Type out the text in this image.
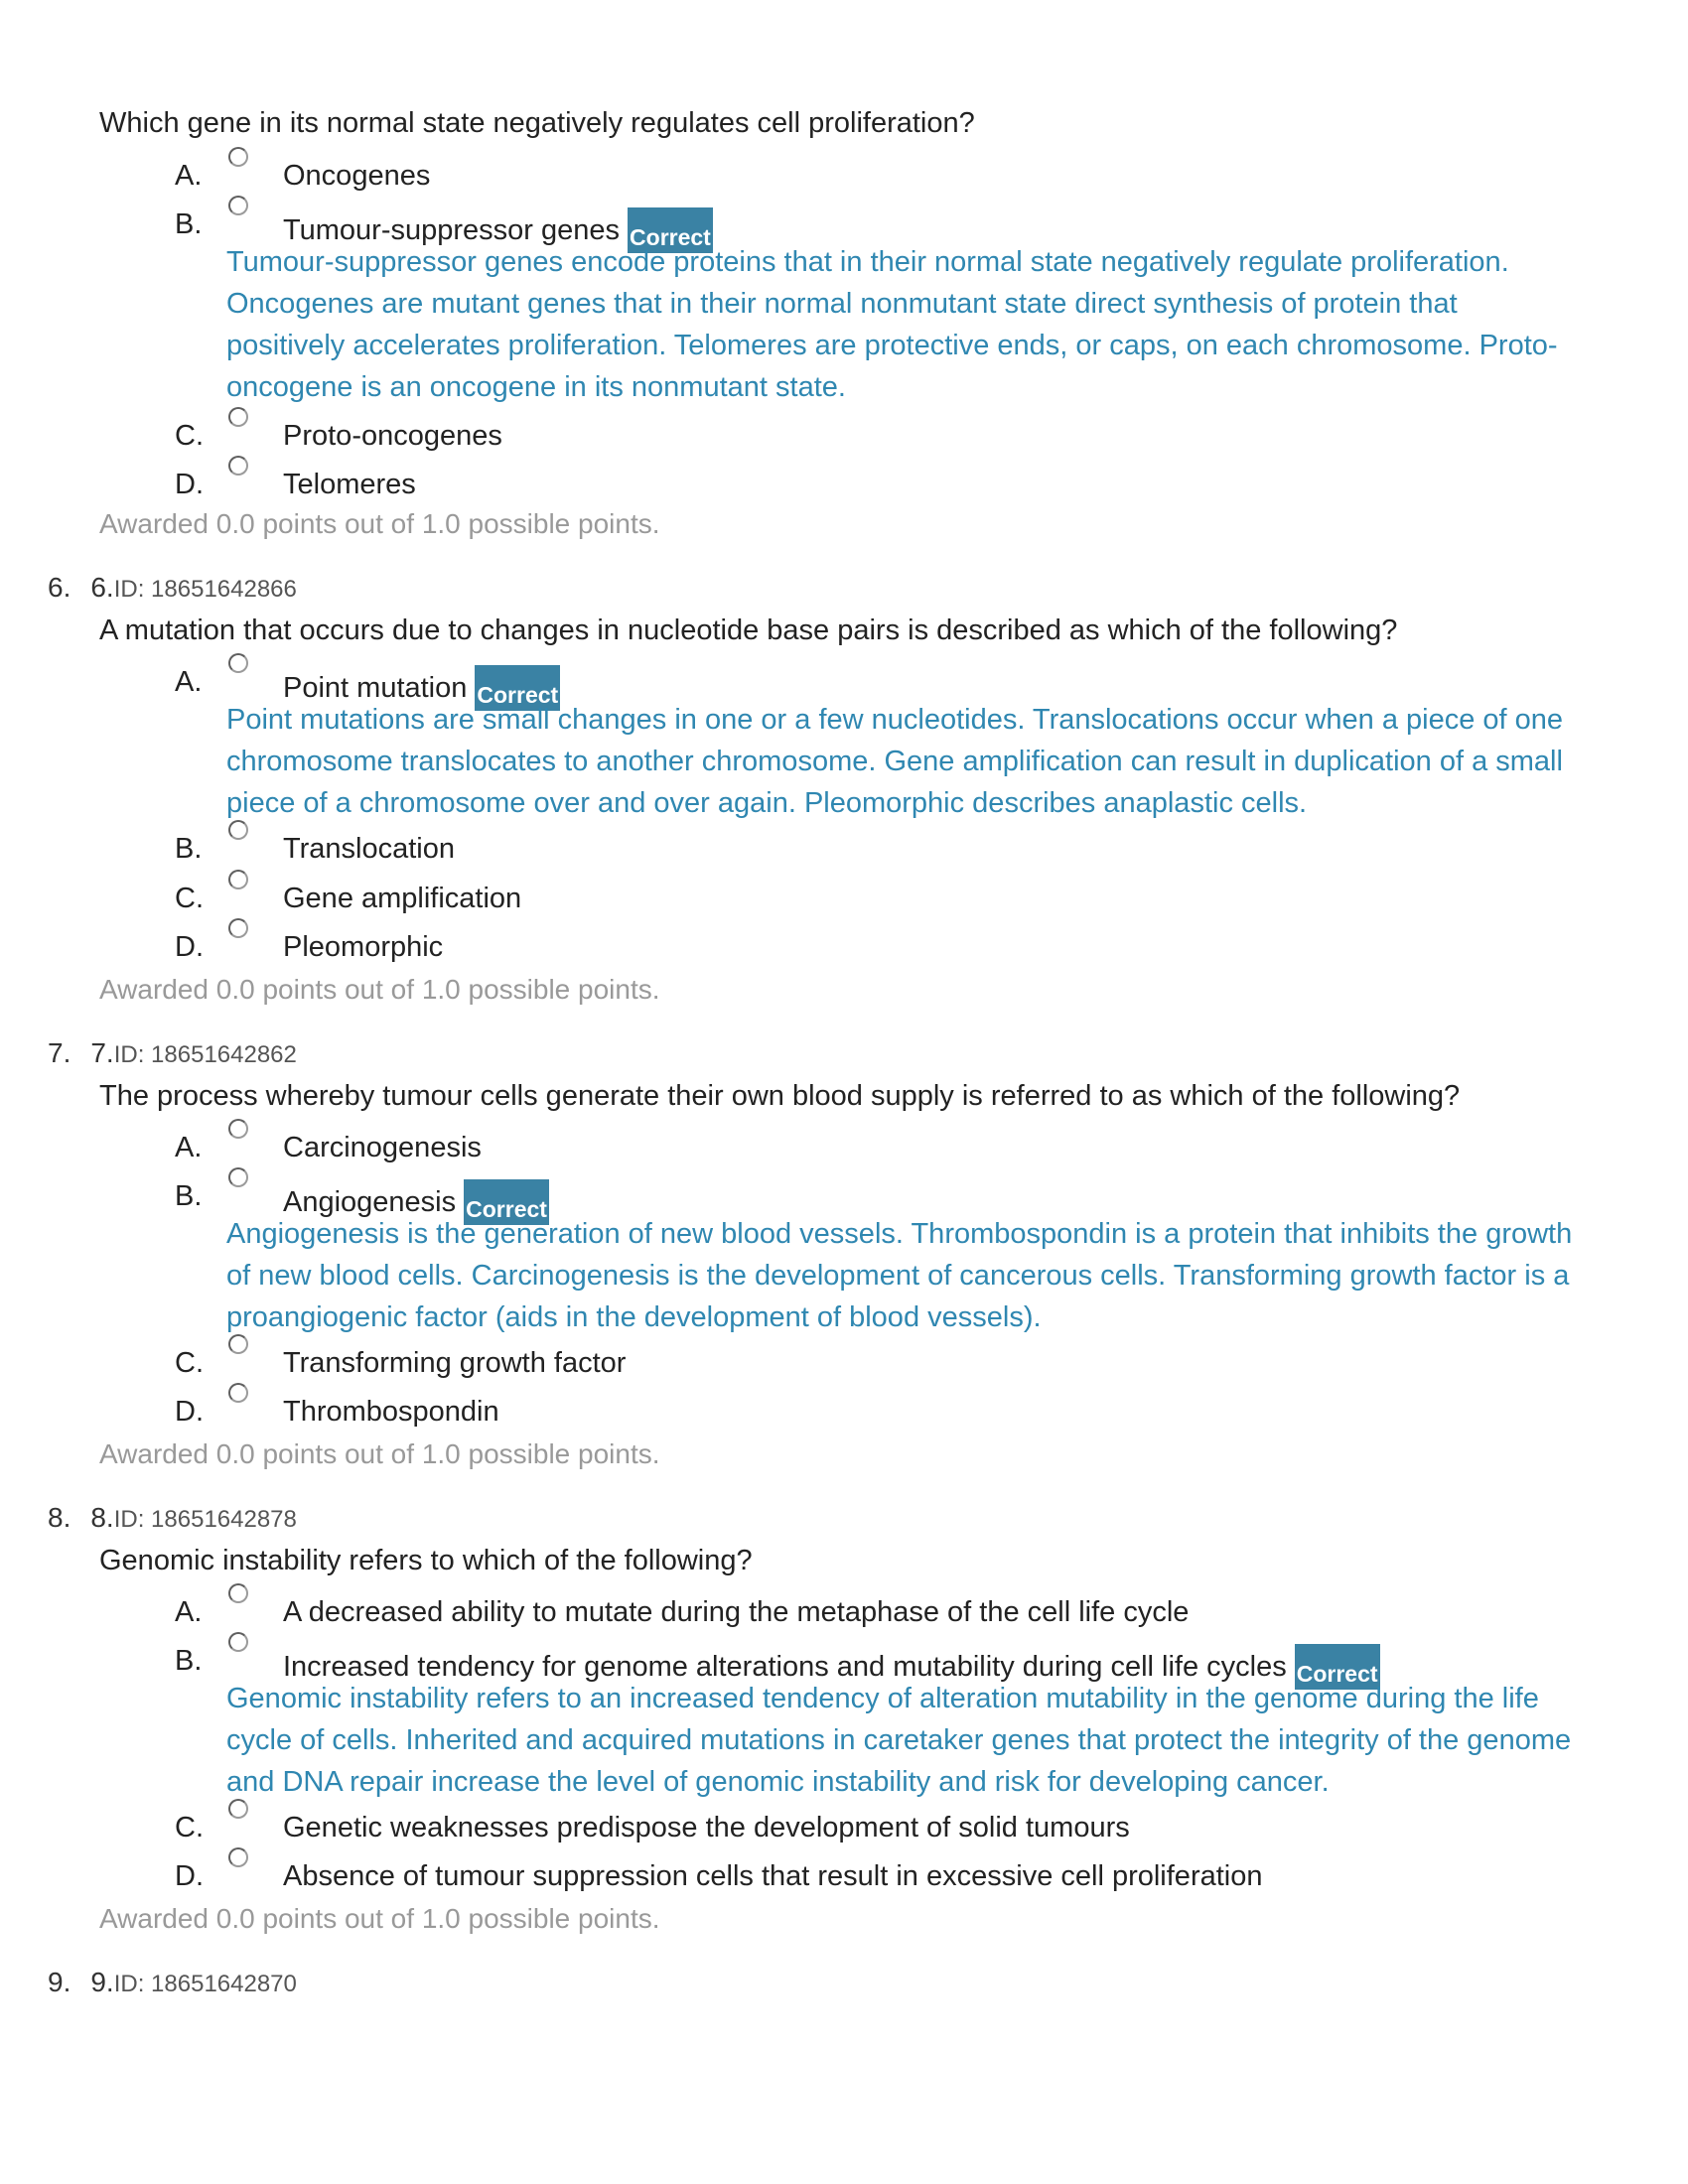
Which gene in its normal state negatively regulates cell proliferation?
A.	Oncogenes
B.	Tumour-suppressor genes Correct
Tumour-suppressor genes encode proteins that in their normal state negatively regulate proliferation.
Oncogenes are mutant genes that in their normal nonmutant state direct synthesis of protein that
positively accelerates proliferation. Telomeres are protective ends, or caps, on each chromosome. Proto-
oncogene is an oncogene in its nonmutant state.
C.	Proto-oncogenes
D.	Telomeres
Awarded 0.0 points out of 1.0 possible points.
6. 6.ID: 18651642866
A mutation that occurs due to changes in nucleotide base pairs is described as which of the following?
A.	Point mutation Correct
Point mutations are small changes in one or a few nucleotides. Translocations occur when a piece of one
chromosome translocates to another chromosome. Gene amplification can result in duplication of a small
piece of a chromosome over and over again. Pleomorphic describes anaplastic cells.
B.	Translocation
C.	Gene amplification
D.	Pleomorphic
Awarded 0.0 points out of 1.0 possible points.
7. 7.ID: 18651642862
The process whereby tumour cells generate their own blood supply is referred to as which of the following?
A.	Carcinogenesis
B.	Angiogenesis Correct
Angiogenesis is the generation of new blood vessels. Thrombospondin is a protein that inhibits the growth
of new blood cells. Carcinogenesis is the development of cancerous cells. Transforming growth factor is a
proangiogenic factor (aids in the development of blood vessels).
C.	Transforming growth factor
D.	Thrombospondin
Awarded 0.0 points out of 1.0 possible points.
8. 8.ID: 18651642878
Genomic instability refers to which of the following?
A.	A decreased ability to mutate during the metaphase of the cell life cycle
B.	Increased tendency for genome alterations and mutability during cell life cycles Correct
Genomic instability refers to an increased tendency of alteration mutability in the genome during the life
cycle of cells. Inherited and acquired mutations in caretaker genes that protect the integrity of the genome
and DNA repair increase the level of genomic instability and risk for developing cancer.
C.	Genetic weaknesses predispose the development of solid tumours
D.	Absence of tumour suppression cells that result in excessive cell proliferation
Awarded 0.0 points out of 1.0 possible points.
9. 9.ID: 18651642870
